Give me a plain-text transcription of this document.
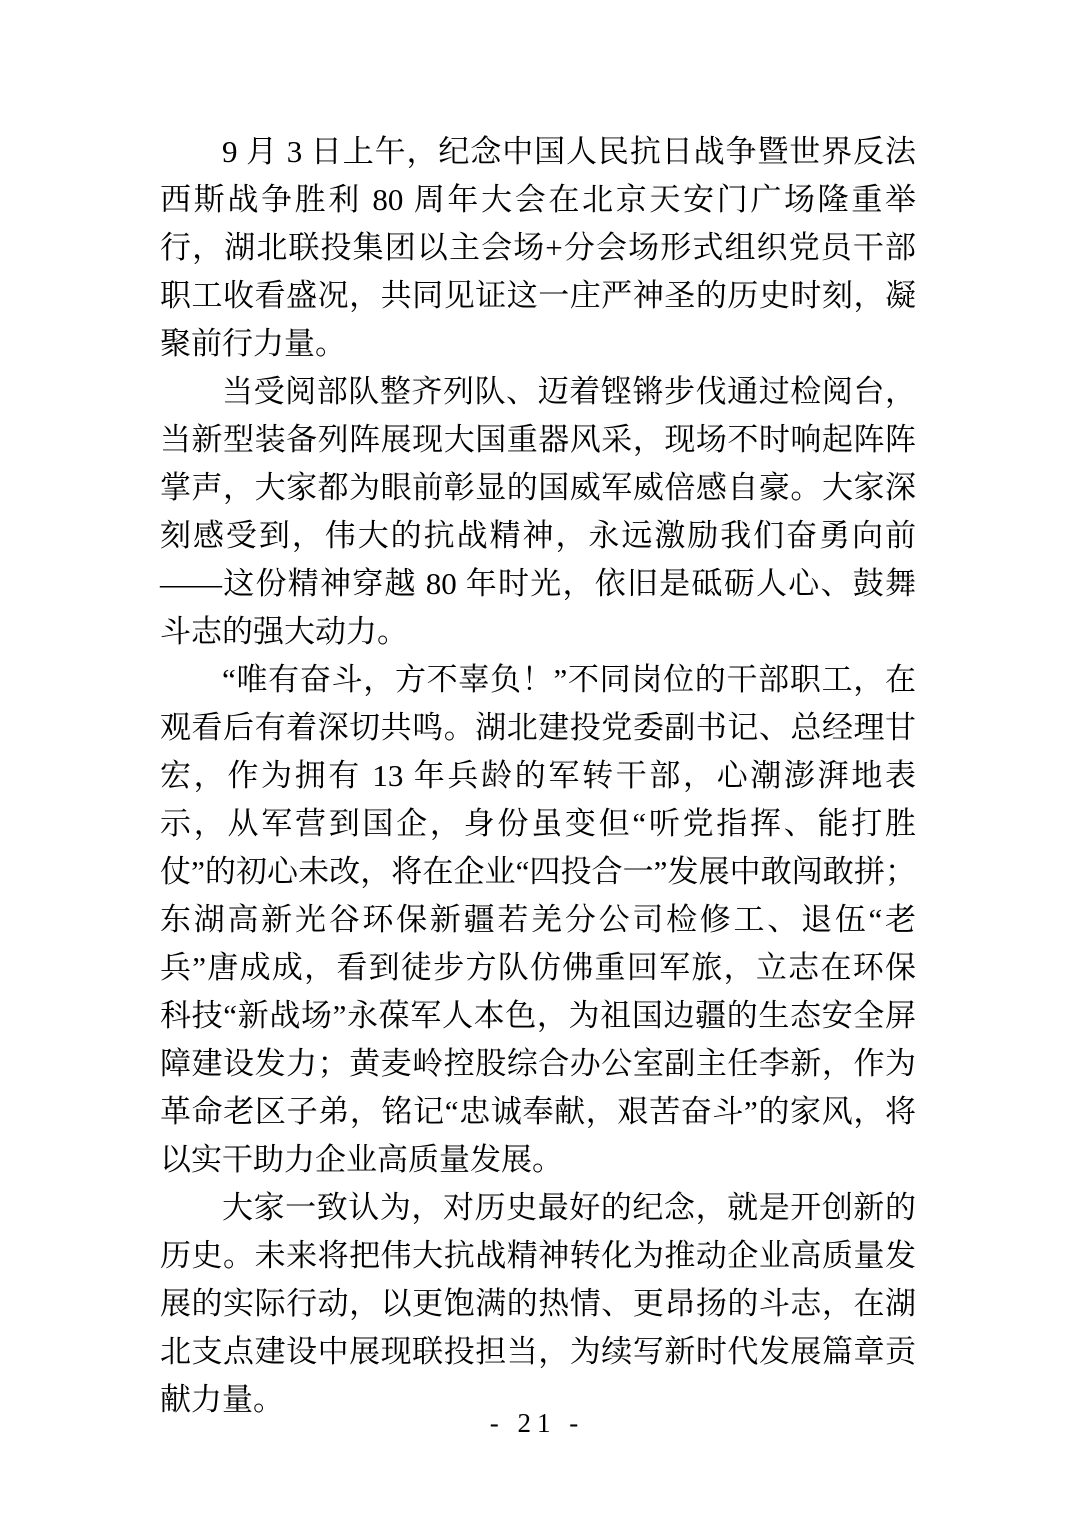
9 月 3 日上午，纪念中国人民抗日战争暨世界反法西斯战争胜利 80 周年大会在北京天安门广场隆重举行，湖北联投集团以主会场+分会场形式组织党员干部职工收看盛况，共同见证这一庄严神圣的历史时刻，凝聚前行力量。

当受阅部队整齐列队、迈着铿锵步伐通过检阅台，当新型装备列阵展现大国重器风采，现场不时响起阵阵掌声，大家都为眼前彰显的国威军威倍感自豪。大家深刻感受到，伟大的抗战精神，永远激励我们奋勇向前——这份精神穿越 80 年时光，依旧是砥砺人心、鼓舞斗志的强大动力。

“唯有奋斗，方不辜负！”不同岗位的干部职工，在观看后有着深切共鸣。湖北建投党委副书记、总经理甘宏，作为拥有 13 年兵龄的军转干部，心潮澎湃地表示，从军营到国企，身份虽变但“听党指挥、能打胜仗”的初心未改，将在企业“四投合一”发展中敢闯敢拼；东湖高新光谷环保新疆若羌分公司检修工、退伍“老兵”唐成成，看到徒步方队仿佛重回军旅，立志在环保科技“新战场”永葆军人本色，为祖国边疆的生态安全屏障建设发力；黄麦岭控股综合办公室副主任李新，作为革命老区子弟，铭记“忠诚奉献，艰苦奋斗”的家风，将以实干助力企业高质量发展。

大家一致认为，对历史最好的纪念，就是开创新的历史。未来将把伟大抗战精神转化为推动企业高质量发展的实际行动，以更饱满的热情、更昂扬的斗志，在湖北支点建设中展现联投担当，为续写新时代发展篇章贡献力量。

- 21 -
